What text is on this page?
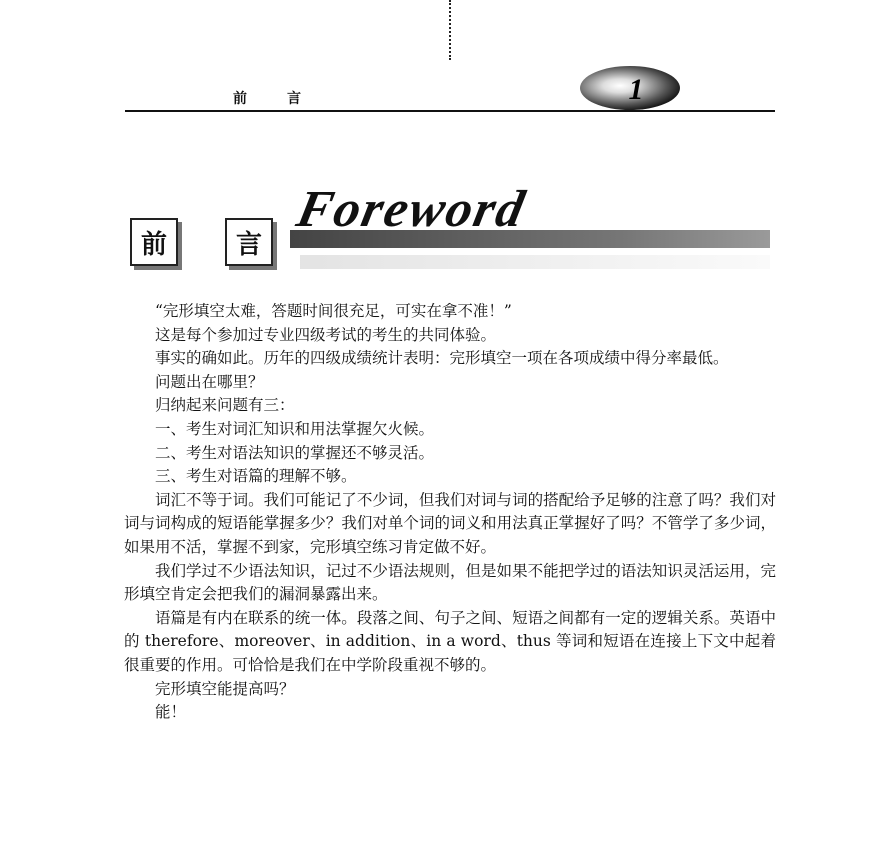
前言	1
前	言
Foreword

“完形填空太难，答题时间很充足，可实在拿不准！”

这是每个参加过专业四级考试的考生的共同体验。

事实的确如此。历年的四级成绩统计表明：完形填空一项在各项成绩中得分率最低。

问题出在哪里？

归纳起来问题有三：

一、考生对词汇知识和用法掌握欠火候。

二、考生对语法知识的掌握还不够灵活。

三、考生对语篇的理解不够。

词汇不等于词。我们可能记了不少词，但我们对词与词的搭配给予足够的注意了吗？我们对词与词构成的短语能掌握多少？我们对单个词的词义和用法真正掌握好了吗？不管学了多少词，如果用不活，掌握不到家，完形填空练习肯定做不好。

我们学过不少语法知识，记过不少语法规则，但是如果不能把学过的语法知识灵活运用，完形填空肯定会把我们的漏洞暴露出来。

语篇是有内在联系的统一体。段落之间、句子之间、短语之间都有一定的逻辑关系。英语中的 therefore、moreover、in addition、in a word、thus 等词和短语在连接上下文中起着很重要的作用。可恰恰是我们在中学阶段重视不够的。

完形填空能提高吗？

能！
